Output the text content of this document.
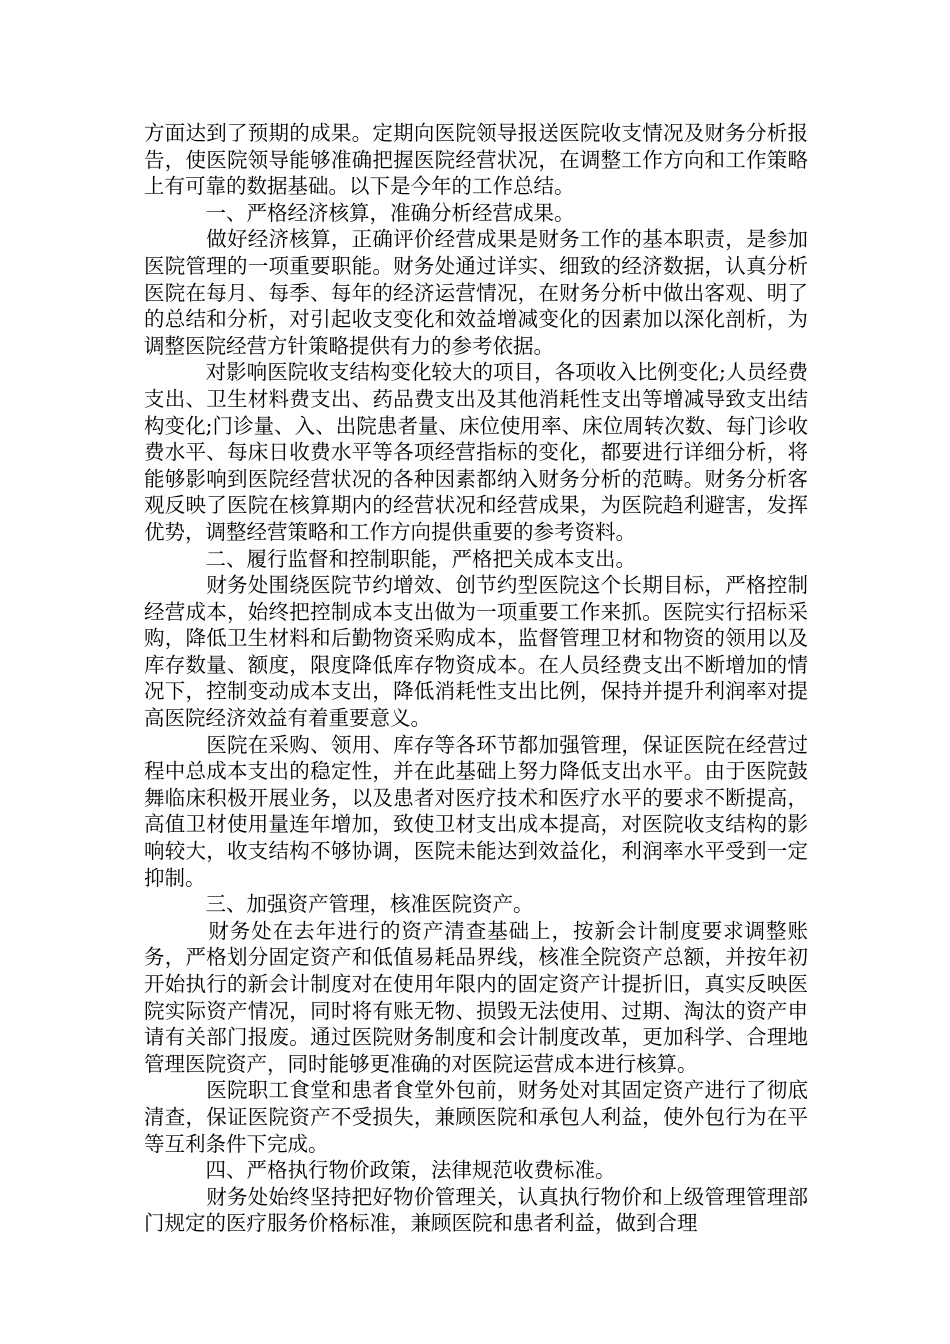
方面达到了预期的成果。定期向医院领导报送医院收支情况及财务分析报告，使医院领导能够准确把握医院经营状况，在调整工作方向和工作策略上有可靠的数据基础。以下是今年的工作总结。

　　　一、严格经济核算，准确分析经营成果。

　　　做好经济核算，正确评价经营成果是财务工作的基本职责，是参加医院管理的一项重要职能。财务处通过详实、细致的经济数据，认真分析医院在每月、每季、每年的经济运营情况，在财务分析中做出客观、明了的总结和分析，对引起收支变化和效益增减变化的因素加以深化剖析，为调整医院经营方针策略提供有力的参考依据。

　　　对影响医院收支结构变化较大的项目，各项收入比例变化;人员经费支出、卫生材料费支出、药品费支出及其他消耗性支出等增减导致支出结构变化;门诊量、入、出院患者量、床位使用率、床位周转次数、每门诊收费水平、每床日收费水平等各项经营指标的变化，都要进行详细分析，将能够影响到医院经营状况的各种因素都纳入财务分析的范畴。财务分析客观反映了医院在核算期内的经营状况和经营成果，为医院趋利避害，发挥优势，调整经营策略和工作方向提供重要的参考资料。

　　　二、履行监督和控制职能，严格把关成本支出。

　　　财务处围绕医院节约增效、创节约型医院这个长期目标，严格控制经营成本，始终把控制成本支出做为一项重要工作来抓。医院实行招标采购，降低卫生材料和后勤物资采购成本，监督管理卫材和物资的领用以及库存数量、额度，限度降低库存物资成本。在人员经费支出不断增加的情况下，控制变动成本支出，降低消耗性支出比例，保持并提升利润率对提高医院经济效益有着重要意义。

　　　医院在采购、领用、库存等各环节都加强管理，保证医院在经营过程中总成本支出的稳定性，并在此基础上努力降低支出水平。由于医院鼓舞临床积极开展业务，以及患者对医疗技术和医疗水平的要求不断提高，高值卫材使用量连年增加，致使卫材支出成本提高，对医院收支结构的影响较大，收支结构不够协调，医院未能达到效益化，利润率水平受到一定抑制。

　　　三、加强资产管理，核准医院资产。

　　　财务处在去年进行的资产清查基础上，按新会计制度要求调整账务，严格划分固定资产和低值易耗品界线，核准全院资产总额，并按年初开始执行的新会计制度对在使用年限内的固定资产计提折旧，真实反映医院实际资产情况，同时将有账无物、损毁无法使用、过期、淘汰的资产申请有关部门报废。通过医院财务制度和会计制度改革，更加科学、合理地管理医院资产，同时能够更准确的对医院运营成本进行核算。

　　　医院职工食堂和患者食堂外包前，财务处对其固定资产进行了彻底清查，保证医院资产不受损失，兼顾医院和承包人利益，使外包行为在平等互利条件下完成。

　　　四、严格执行物价政策，法律规范收费标准。

　　　财务处始终坚持把好物价管理关，认真执行物价和上级管理管理部门规定的医疗服务价格标准，兼顾医院和患者利益，做到合理
